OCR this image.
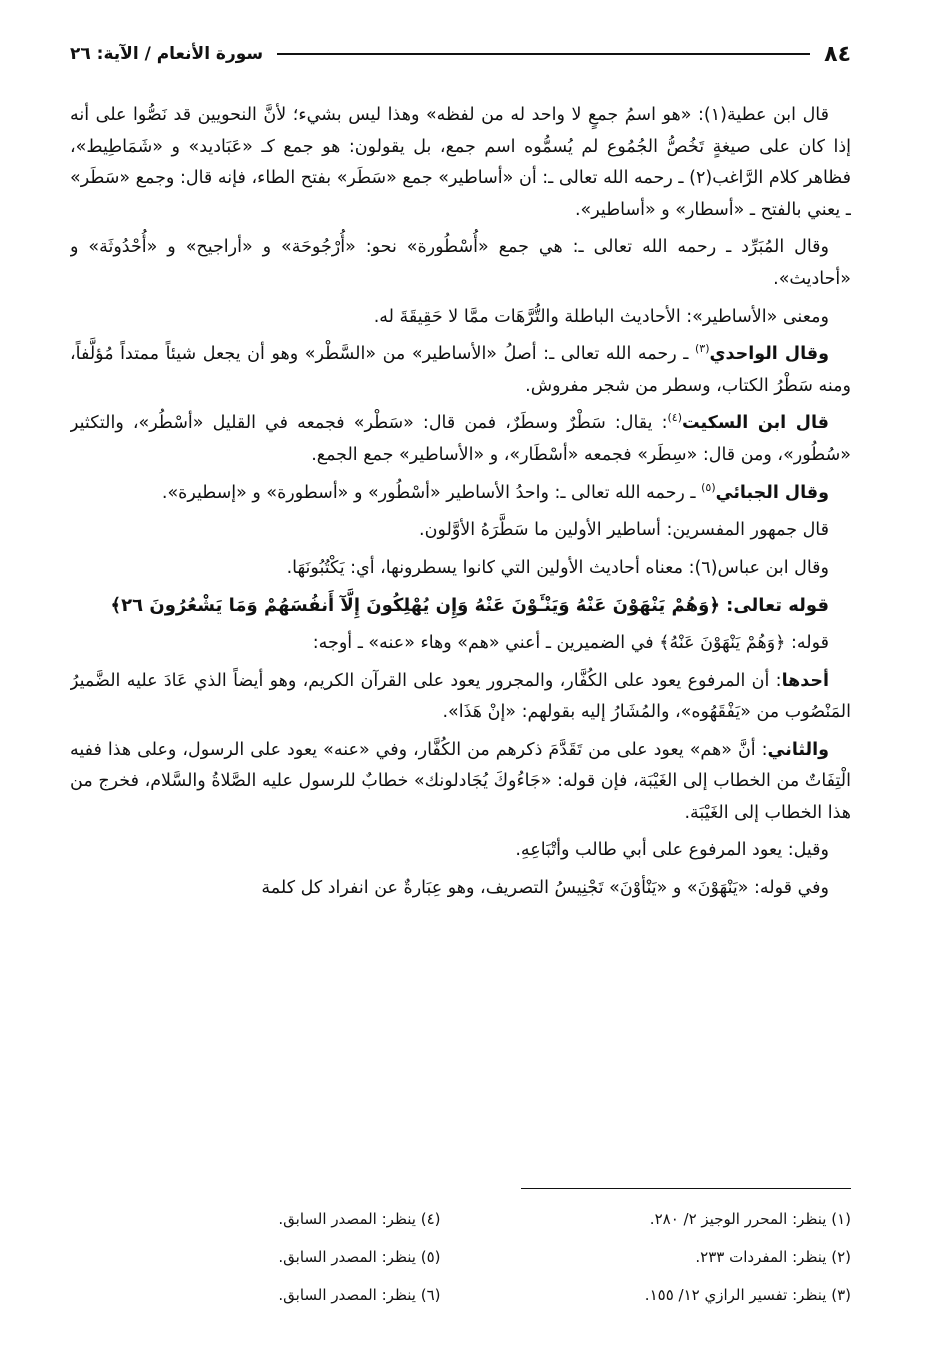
٨٤
سورة الأنعام / الآية: ٢٦

قال ابن عطية(١): «هو اسمُ جمعٍ لا واحد له من لفظه» وهذا ليس بشيء؛ لأنَّ النحويين قد نَصُّوا على أنه إذا كان على صيغةٍ تَخُصُّ الجُمُوع لم يُسمُّوه اسم جمع، بل يقولون: هو جمع كـ «عَبَاديد» و «شَمَاطِيط»، فظاهر كلام الرَّاغب(٢) ـ رحمه الله تعالى ـ: أن «أساطير» جمع «سَطَر» بفتح الطاء، فإنه قال: وجمع «سَطَر» ـ يعني بالفتح ـ «أسطار» و «أساطير».

وقال المُبَرِّد ـ رحمه الله تعالى ـ: هي جمع «أُسْطُورة» نحو: «أُرْجُوحَة» و «أراجيح» و «أُحْدُوثَة» و «أحاديث».

ومعنى «الأساطير»: الأحاديث الباطلة والتُّرَّهَات ممَّا لا حَقِيقَةَ له.

وقال الواحدي$^{(٣)}$ ـ رحمه الله تعالى ـ: أصلُ «الأساطير» من «السَّطْر» وهو أن يجعل شيئاً ممتداً مُؤلَّفاً، ومنه سَطْرُ الكتاب، وسطر من شجر مفروش.

قال ابن السكيت$^{(٤)}$: يقال: سَطْرٌ وسطَرٌ، فمن قال: «سَطْر» فجمعه في القليل «أسْطُر»، والتكثير «سُطُور»، ومن قال: «سِطَر» فجمعه «أسْطَار»، و «الأساطير» جمع الجمع.

وقال الجبائي$^{(٥)}$ ـ رحمه الله تعالى ـ: واحدُ الأساطير «أسْطُور» و «أسطورة» و «إسطيرة».

قال جمهور المفسرين: أساطير الأولين ما سَطَّرَهُ الأوَّلون.

وقال ابن عباس(٦): معناه أحاديث الأولين التي كانوا يسطرونها، أي: يَكْتُبُونَهَا.

قوله تعالى: ﴿وَهُمْ يَنْهَوْنَ عَنْهُ وَيَنْـَٔوْنَ عَنْهُ وَإِن يُهْلِكُونَ إِلَّآ أَنفُسَهُمْ وَمَا يَشْعُرُونَ ٢٦﴾

قوله: ﴿وَهُمْ يَنْهَوْنَ عَنْهُ﴾ في الضميرين ـ أعني «هم» وهاء «عنه» ـ أوجه:

أحدها: أن المرفوع يعود على الكُفَّار، والمجرور يعود على القرآن الكريم، وهو أيضاً الذي عَادَ عليه الضَّميرُ المَنْصُوب من «يَفْقَهُوه»، والمُشَارُ إليه بقولهم: «إنْ هَذَا».

والثاني: أنَّ «هم» يعود على من تَقَدَّمَ ذكرهم من الكُفَّار، وفي «عنه» يعود على الرسول، وعلى هذا ففيه الْتِفَاتٌ من الخطاب إلى الغَيْبَة، فإن قوله: «جَاءُوكَ يُجَادلونك» خطابٌ للرسول عليه الصَّلاةُ والسَّلام، فخرج من هذا الخطاب إلى الغَيْبَة.

وقيل: يعود المرفوع على أبي طالب وأتْبَاعِهِ.

وفي قوله: «يَنْهَوْنَ» و «يَنْأوْنَ» تَجْنِيسُ التصريف، وهو عِبَارةٌ عن انفراد كل كلمة

(١) ينظر: المحرر الوجيز ٢/ ٢٨٠.
(٢) ينظر: المفردات ٢٣٣.
(٣) ينظر: تفسير الرازي ١٢/ ١٥٥.
(٤) ينظر: المصدر السابق.
(٥) ينظر: المصدر السابق.
(٦) ينظر: المصدر السابق.
